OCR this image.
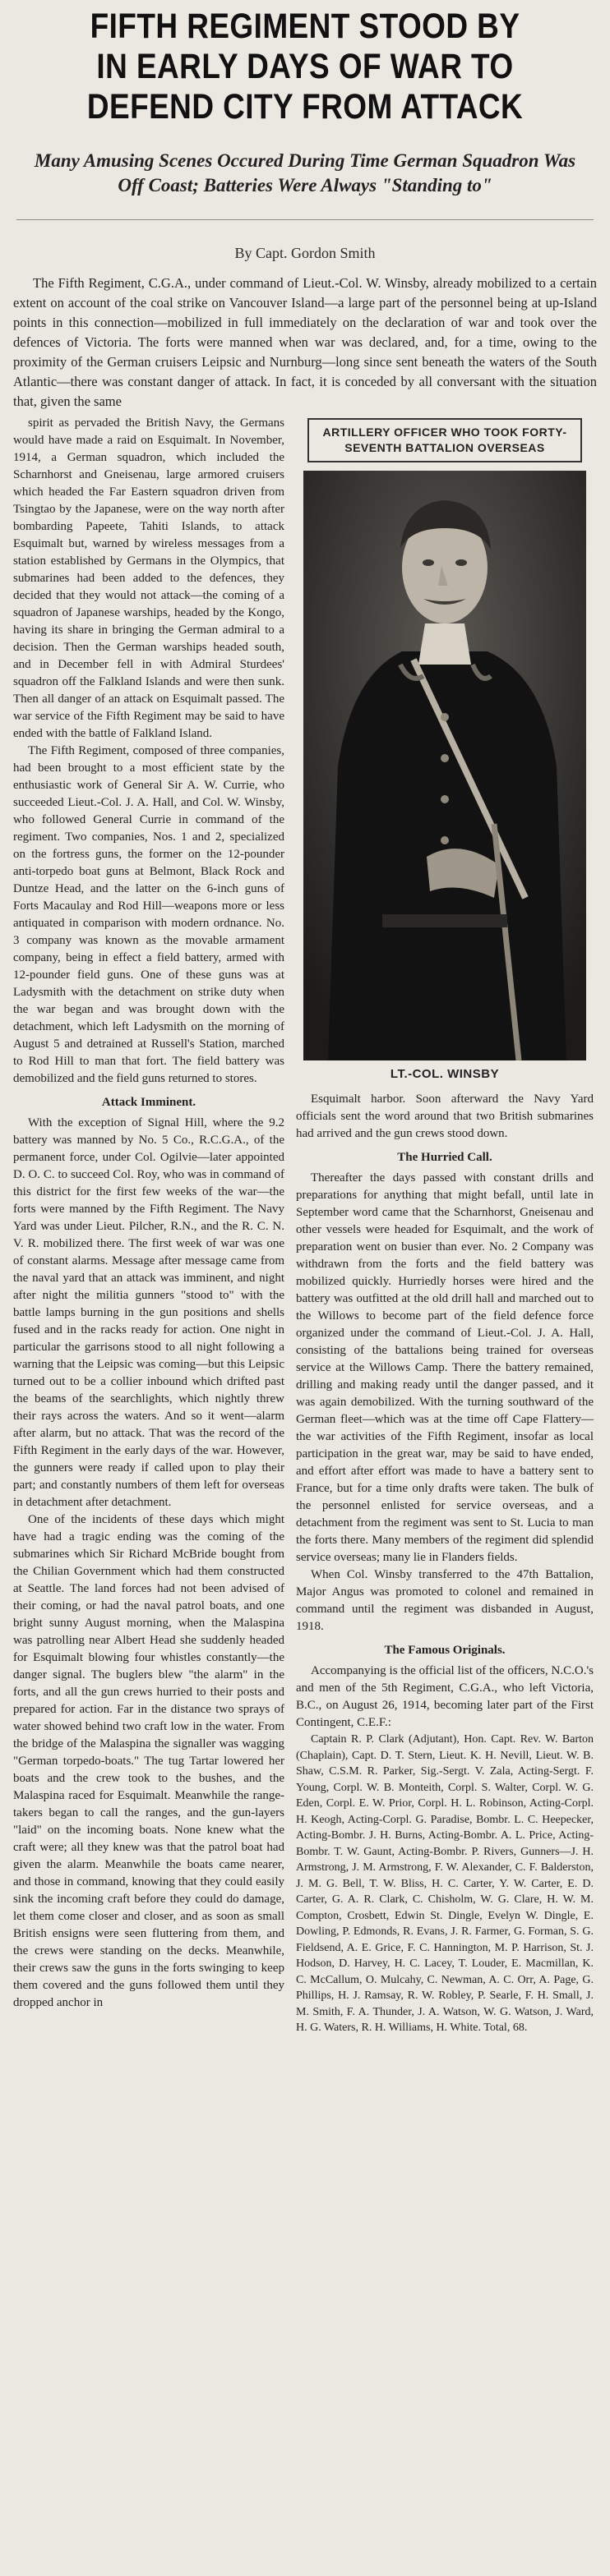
FIFTH REGIMENT STOOD BY
IN EARLY DAYS OF WAR TO
DEFEND CITY FROM ATTACK
Many Amusing Scenes Occured During Time German Squadron Was Off Coast; Batteries Were Always "Standing to"
By Capt. Gordon Smith

The Fifth Regiment, C.G.A., under command of Lieut.-Col. W. Winsby, already mobilized to a certain extent on account of the coal strike on Vancouver Island—a large part of the personnel being at up-Island points in this connection—mobilized in full immediately on the declaration of war and took over the defences of Victoria. The forts were manned when war was declared, and, for a time, owing to the proximity of the German cruisers Leipsic and Nurnburg—long since sent beneath the waters of the South Atlantic—there was constant danger of attack. In fact, it is conceded by all conversant with the situation that, given the same

spirit as pervaded the British Navy, the Germans would have made a raid on Esquimalt. In November, 1914, a German squadron, which included the Scharnhorst and Gneisenau, large armored cruisers which headed the Far Eastern squadron driven from Tsingtao by the Japanese, were on the way north after bombarding Papeete, Tahiti Islands, to attack Esquimalt but, warned by wireless messages from a station established by Germans in the Olympics, that submarines had been added to the defences, they decided that they would not attack—the coming of a squadron of Japanese warships, headed by the Kongo, having its share in bringing the German admiral to a decision. Then the German warships headed south, and in December fell in with Admiral Sturdees' squadron off the Falkland Islands and were then sunk. Then all danger of an attack on Esquimalt passed. The war service of the Fifth Regiment may be said to have ended with the battle of Falkland Island.

The Fifth Regiment, composed of three companies, had been brought to a most efficient state by the enthusiastic work of General Sir A. W. Currie, who succeeded Lieut.-Col. J. A. Hall, and Col. W. Winsby, who followed General Currie in command of the regiment. Two companies, Nos. 1 and 2, specialized on the fortress guns, the former on the 12-pounder anti-torpedo boat guns at Belmont, Black Rock and Duntze Head, and the latter on the 6-inch guns of Forts Macaulay and Rod Hill—weapons more or less antiquated in comparison with modern ordnance. No. 3 company was known as the movable armament company, being in effect a field battery, armed with 12-pounder field guns. One of these guns was at Ladysmith with the detachment on strike duty when the war began and was brought down with the detachment, which left Ladysmith on the morning of August 5 and detrained at Russell's Station, marched to Rod Hill to man that fort. The field battery was demobilized and the field guns returned to stores.

Attack Imminent.

With the exception of Signal Hill, where the 9.2 battery was manned by No. 5 Co., R.C.G.A., of the permanent force, under Col. Ogilvie—later appointed D. O. C. to succeed Col. Roy, who was in command of this district for the first few weeks of the war—the forts were manned by the Fifth Regiment. The Navy Yard was under Lieut. Pilcher, R.N., and the R. C. N. V. R. mobilized there. The first week of war was one of constant alarms. Message after message came from the naval yard that an attack was imminent, and night after night the militia gunners "stood to" with the battle lamps burning in the gun positions and shells fused and in the racks ready for action. One night in particular the garrisons stood to all night following a warning that the Leipsic was coming—but this Leipsic turned out to be a collier inbound which drifted past the beams of the searchlights, which nightly threw their rays across the waters. And so it went—alarm after alarm, but no attack. That was the record of the Fifth Regiment in the early days of the war. However, the gunners were ready if called upon to play their part; and constantly numbers of them left for overseas in detachment after detachment.

One of the incidents of these days which might have had a tragic ending was the coming of the submarines which Sir Richard McBride bought from the Chilian Government which had them constructed at Seattle. The land forces had not been advised of their coming, or had the naval patrol boats, and one bright sunny August morning, when the Malaspina was patrolling near Albert Head she suddenly headed for Esquimalt blowing four whistles constantly—the danger signal. The buglers blew "the alarm" in the forts, and all the gun crews hurried to their posts and prepared for action. Far in the distance two sprays of water showed behind two craft low in the water. From the bridge of the Malaspina the signaller was wagging "German torpedo-boats." The tug Tartar lowered her boats and the crew took to the bushes, and the Malaspina raced for Esquimalt. Meanwhile the range-takers began to call the ranges, and the gun-layers "laid" on the incoming boats. None knew what the craft were; all they knew was that the patrol boat had given the alarm. Meanwhile the boats came nearer, and those in command, knowing that they could easily sink the incoming craft before they could do damage, let them come closer and closer, and as soon as small British ensigns were seen fluttering from them, and the crews were standing on the decks. Meanwhile, their crews saw the guns in the forts swinging to keep them covered and the guns followed them until they dropped anchor in

ARTILLERY OFFICER WHO TOOK FORTY-SEVENTH BATTALION OVERSEAS
LT.-COL. WINSBY

Esquimalt harbor. Soon afterward the Navy Yard officials sent the word around that two British submarines had arrived and the gun crews stood down.

The Hurried Call.

Thereafter the days passed with constant drills and preparations for anything that might befall, until late in September word came that the Scharnhorst, Gneisenau and other vessels were headed for Esquimalt, and the work of preparation went on busier than ever. No. 2 Company was withdrawn from the forts and the field battery was mobilized quickly. Hurriedly horses were hired and the battery was outfitted at the old drill hall and marched out to the Willows to become part of the field defence force organized under the command of Lieut.-Col. J. A. Hall, consisting of the battalions being trained for overseas service at the Willows Camp. There the battery remained, drilling and making ready until the danger passed, and it was again demobilized. With the turning southward of the German fleet—which was at the time off Cape Flattery—the war activities of the Fifth Regiment, insofar as local participation in the great war, may be said to have ended, and effort after effort was made to have a battery sent to France, but for a time only drafts were taken. The bulk of the personnel enlisted for service overseas, and a detachment from the regiment was sent to St. Lucia to man the forts there. Many members of the regiment did splendid service overseas; many lie in Flanders fields.

When Col. Winsby transferred to the 47th Battalion, Major Angus was promoted to colonel and remained in command until the regiment was disbanded in August, 1918.

The Famous Originals.

Accompanying is the official list of the officers, N.C.O.'s and men of the 5th Regiment, C.G.A., who left Victoria, B.C., on August 26, 1914, becoming later part of the First Contingent, C.E.F.:

Captain R. P. Clark (Adjutant), Hon. Capt. Rev. W. Barton (Chaplain), Capt. D. T. Stern, Lieut. K. H. Nevill, Lieut. W. B. Shaw, C.S.M. R. Parker, Sig.-Sergt. V. Zala, Acting-Sergt. F. Young, Corpl. W. B. Monteith, Corpl. S. Walter, Corpl. W. G. Eden, Corpl. E. W. Prior, Corpl. H. L. Robinson, Acting-Corpl. H. Keogh, Acting-Corpl. G. Paradise, Bombr. L. C. Heepecker, Acting-Bombr. J. H. Burns, Acting-Bombr. A. L. Price, Acting-Bombr. T. W. Gaunt, Acting-Bombr. P. Rivers, Gunners—J. H. Armstrong, J. M. Armstrong, F. W. Alexander, C. F. Balderston, J. M. G. Bell, T. W. Bliss, H. C. Carter, Y. W. Carter, E. D. Carter, G. A. R. Clark, C. Chisholm, W. G. Clare, H. W. M. Compton, Crosbett, Edwin St. Dingle, Evelyn W. Dingle, E. Dowling, P. Edmonds, R. Evans, J. R. Farmer, G. Forman, S. G. Fieldsend, A. E. Grice, F. C. Hannington, M. P. Harrison, St. J. Hodson, D. Harvey, H. C. Lacey, T. Louder, E. Macmillan, K. C. McCallum, O. Mulcahy, C. Newman, A. C. Orr, A. Page, G. Phillips, H. J. Ramsay, R. W. Robley, P. Searle, F. H. Small, J. M. Smith, F. A. Thunder, J. A. Watson, W. G. Watson, J. Ward, H. G. Waters, R. H. Williams, H. White. Total, 68.
